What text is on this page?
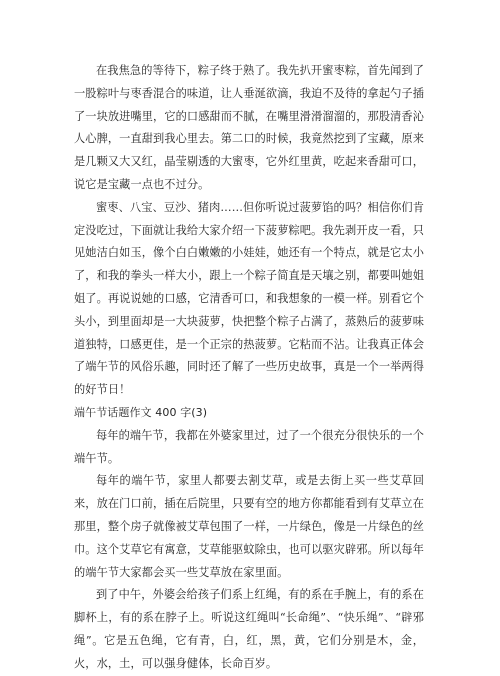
在我焦急的等待下，粽子终于熟了。我先扒开蜜枣粽，首先闻到了一股粽叶与枣香混合的味道，让人垂涎欲滴，我迫不及待的拿起勺子插了一块放进嘴里，它的口感甜而不腻，在嘴里滑滑溜溜的，那股清香沁人心脾，一直甜到我心里去。第二口的时候，我竟然挖到了宝藏，原来是几颗又大又红，晶莹剔透的大蜜枣，它外红里黄，吃起来香甜可口，说它是宝藏一点也不过分。

蜜枣、八宝、豆沙、猪肉……但你听说过菠萝馅的吗？相信你们肯定没吃过，下面就让我给大家介绍一下菠萝粽吧。我先剥开皮一看，只见她洁白如玉，像个白白嫩嫩的小娃娃，她还有一个特点，就是它太小了，和我的拳头一样大小，跟上一个粽子简直是天壤之别，都要叫她姐姐了。再说说她的口感，它清香可口，和我想象的一模一样。别看它个头小，到里面却是一大块菠萝，快把整个粽子占满了，蒸熟后的菠萝味道独特，口感更佳，是一个正宗的热菠萝。它粘而不沾。让我真正体会了端午节的风俗乐趣，同时还了解了一些历史故事，真是一个一举两得的好节日！

端午节话题作文 400 字(3)

每年的端午节，我都在外婆家里过，过了一个很充分很快乐的一个端午节。

每年的端午节，家里人都要去割艾草，或是去街上买一些艾草回来，放在门口前，插在后院里，只要有空的地方你都能看到有艾草立在那里，整个房子就像被艾草包围了一样，一片绿色，像是一片绿色的丝巾。这个艾草它有寓意，艾草能驱蚊除虫，也可以驱灾辟邪。所以每年的端午节大家都会买一些艾草放在家里面。

到了中午，外婆会给孩子们系上红绳，有的系在手腕上，有的系在脚杯上，有的系在脖子上。听说这红绳叫“长命绳”、“快乐绳”、“辟邪绳”。它是五色绳，它有青，白，红，黑，黄，它们分别是木，金，火，水，土，可以强身健体，长命百岁。
